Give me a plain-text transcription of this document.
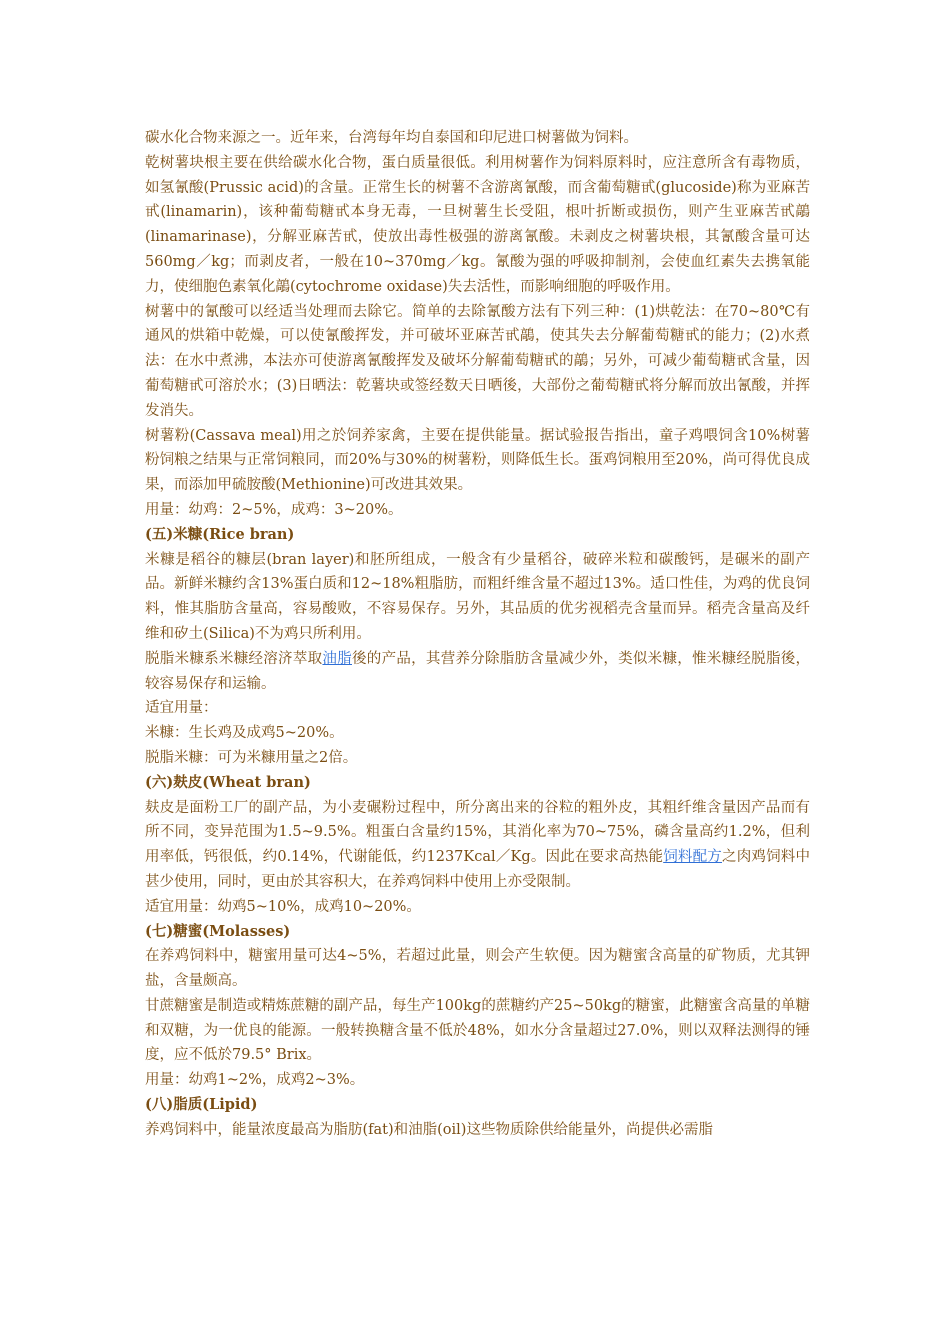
碳水化合物来源之一。近年来，台湾每年均自泰国和印尼进口树薯做为饲料。

乾树薯块根主要在供给碳水化合物，蛋白质量很低。利用树薯作为饲料原料时，应注意所含有毒物质，如氢氰酸(Prussic acid)的含量。正常生长的树薯不含游离氰酸，而含葡萄糖甙(glucoside)称为亚麻苦甙(linamarin)，该种葡萄糖甙本身无毒，一旦树薯生长受阻，根叶折断或损伤，则产生亚麻苦甙鶮(linamarinase)，分解亚麻苦甙，使放出毒性极强的游离氰酸。未剥皮之树薯块根，其氰酸含量可达560mg／kg；而剥皮者，一般在10~370mg／kg。氰酸为强的呼吸抑制剂，会使血红素失去携氧能力，使细胞色素氧化鶮(cytochrome oxidase)失去活性，而影响细胞的呼吸作用。

树薯中的氰酸可以经适当处理而去除它。简单的去除氰酸方法有下列三种：(1)烘乾法：在70~80℃有通风的烘箱中乾燥，可以使氰酸挥发，并可破坏亚麻苦甙鶮，使其失去分解葡萄糖甙的能力；(2)水煮法：在水中煮沸，本法亦可使游离氰酸挥发及破坏分解葡萄糖甙的鶮；另外，可减少葡萄糖甙含量，因葡萄糖甙可溶於水；(3)日晒法：乾薯块或签经数天日晒後，大部份之葡萄糖甙将分解而放出氰酸，并挥发消失。

树薯粉(Cassava meal)用之於饲养家禽，主要在提供能量。据试验报告指出，童子鸡喂饲含10%树薯粉饲粮之结果与正常饲粮同，而20%与30%的树薯粉，则降低生长。蛋鸡饲粮用至20%，尚可得优良成果，而添加甲硫胺酸(Methionine)可改进其效果。

用量：幼鸡：2~5%，成鸡：3~20%。

(五)米糠(Rice bran)

米糠是稻谷的糠层(bran layer)和胚所组成，一般含有少量稻谷，破碎米粒和碳酸钙，是碾米的副产品。新鲜米糠约含13%蛋白质和12~18%粗脂肪，而粗纤维含量不超过13%。适口性佳，为鸡的优良饲料，惟其脂肪含量高，容易酸败，不容易保存。另外，其品质的优劣视稻壳含量而异。稻壳含量高及纤维和矽土(Silica)不为鸡只所利用。

脱脂米糠系米糠经溶济萃取油脂後的产品，其营养分除脂肪含量减少外，类似米糠，惟米糠经脱脂後，较容易保存和运输。

适宜用量：

米糠：生长鸡及成鸡5~20%。

脱脂米糠：可为米糠用量之2倍。

(六)麸皮(Wheat bran)

麸皮是面粉工厂的副产品，为小麦碾粉过程中，所分离出来的谷粒的粗外皮，其粗纤维含量因产品而有所不同，变异范围为1.5~9.5%。粗蛋白含量约15%，其消化率为70~75%，磷含量高约1.2%，但利用率低，钙很低，约0.14%，代谢能低，约1237Kcal／Kg。因此在要求高热能饲料配方之肉鸡饲料中甚少使用，同时，更由於其容积大，在养鸡饲料中使用上亦受限制。

适宜用量：幼鸡5~10%，成鸡10~20%。

(七)糖蜜(Molasses)

在养鸡饲料中，糖蜜用量可达4~5%，若超过此量，则会产生软便。因为糖蜜含高量的矿物质，尤其钾盐，含量颇高。

甘蔗糖蜜是制造或精炼蔗糖的副产品，每生产100kg的蔗糖约产25~50kg的糖蜜，此糖蜜含高量的单糖和双糖，为一优良的能源。一般转换糖含量不低於48%，如水分含量超过27.0%，则以双释法测得的锤度，应不低於79.5° Brix。

用量：幼鸡1~2%，成鸡2~3%。

(八)脂质(Lipid)

养鸡饲料中，能量浓度最高为脂肪(fat)和油脂(oil)这些物质除供给能量外，尚提供必需脂
